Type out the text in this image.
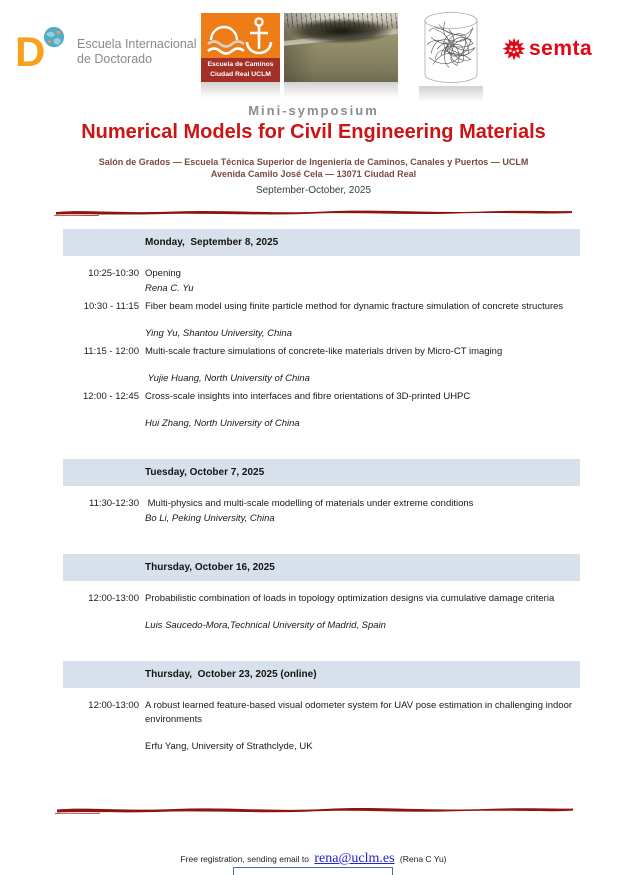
D	Escuela Internacional
de Doctorado	Escuela de Caminos
Ciudad Real UCLM
semta
Mini-symposium
Numerical Models for Civil Engineering Materials
Salón de Grados — Escuela Técnica Superior de Ingeniería de Caminos, Canales y Puertos — UCLM
Avenida Camilo José Cela — 13071 Ciudad Real
September-October, 2025
Monday,  September 8, 2025
10:25-10:30 Opening
Rena C. Yu
10:30 - 11:15 Fiber beam model using finite particle method for dynamic fracture simulation of concrete structures
Ying Yu, Shantou University, China
11:15 - 12:00 Multi-scale fracture simulations of concrete-like materials driven by Micro-CT imaging
Yujie Huang, North University of China
12:00 - 12:45 Cross-scale insights into interfaces and fibre orientations of 3D-printed UHPC
Hui Zhang, North University of China
Tuesday, October 7, 2025
11:30-12:30 Multi-physics and multi-scale modelling of materials under extreme conditions
Bo Li, Peking University, China
Thursday, October 16, 2025
12:00-13:00 Probabilistic combination of loads in topology optimization designs via cumulative damage criteria
Luis Saucedo-Mora,Technical University of Madrid, Spain
Thursday,  October 23, 2025 (online)
12:00-13:00 A robust learned feature-based visual odometer system for UAV pose estimation in challenging indoor environments
Erfu Yang, University of Strathclyde, UK
Free registration, sending email to rena@uclm.es (Rena C Yu)
